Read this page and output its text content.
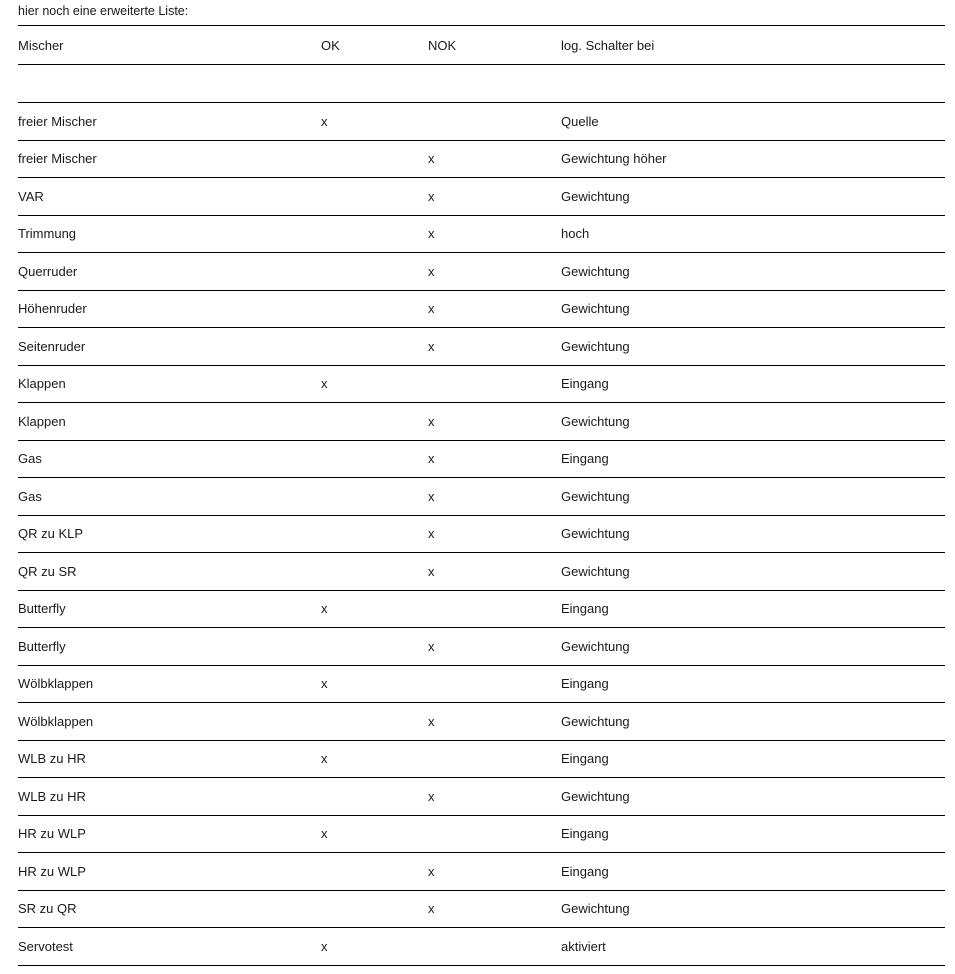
hier noch eine erweiterte Liste:
Mischer	OK	NOK	log. Schalter bei

freier Mischer	x		Quelle
freier Mischer		x	Gewichtung höher
VAR		x	Gewichtung
Trimmung		x	hoch
Querruder		x	Gewichtung
Höhenruder		x	Gewichtung
Seitenruder		x	Gewichtung
Klappen	x		Eingang
Klappen		x	Gewichtung
Gas		x	Eingang
Gas		x	Gewichtung
QR zu KLP		x	Gewichtung
QR zu SR		x	Gewichtung
Butterfly	x		Eingang
Butterfly		x	Gewichtung
Wölbklappen	x		Eingang
Wölbklappen		x	Gewichtung
WLB zu HR	x		Eingang
WLB zu HR		x	Gewichtung
HR zu WLP	x		Eingang
HR zu WLP		x	Eingang
SR zu QR		x	Gewichtung
Servotest	x		aktiviert
